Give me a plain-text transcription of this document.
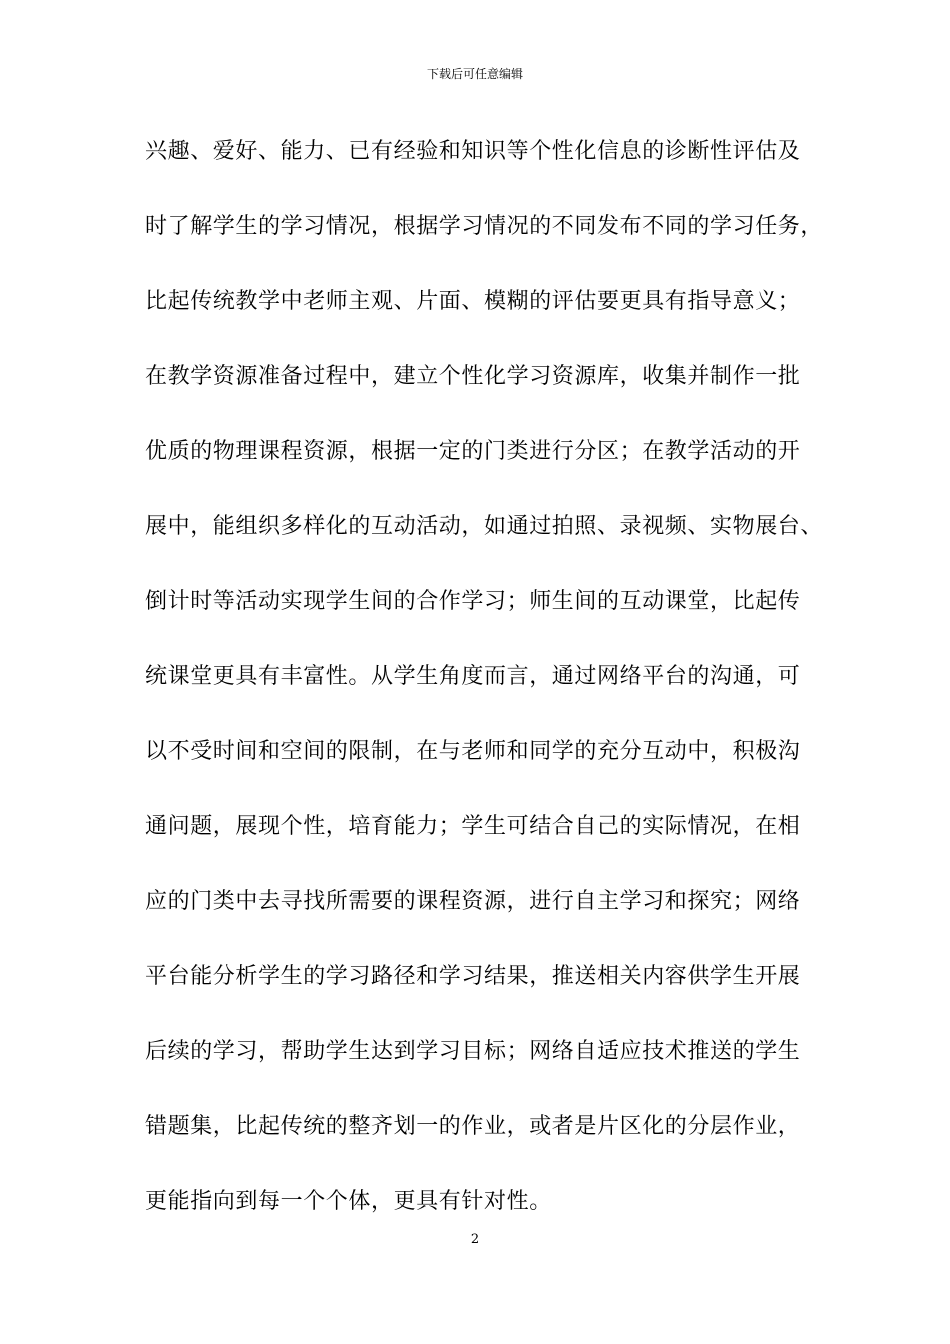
下载后可任意编辑
兴趣、爱好、能力、已有经验和知识等个性化信息的诊断性评估及
时了解学生的学习情况，根据学习情况的不同发布不同的学习任务，
比起传统教学中老师主观、片面、模糊的评估要更具有指导意义；
在教学资源准备过程中，建立个性化学习资源库，收集并制作一批
优质的物理课程资源，根据一定的门类进行分区；在教学活动的开
展中，能组织多样化的互动活动，如通过拍照、录视频、实物展台、
倒计时等活动实现学生间的合作学习；师生间的互动课堂，比起传
统课堂更具有丰富性。从学生角度而言，通过网络平台的沟通，可
以不受时间和空间的限制，在与老师和同学的充分互动中，积极沟
通问题，展现个性，培育能力；学生可结合自己的实际情况，在相
应的门类中去寻找所需要的课程资源，进行自主学习和探究；网络
平台能分析学生的学习路径和学习结果，推送相关内容供学生开展
后续的学习，帮助学生达到学习目标；网络自适应技术推送的学生
错题集，比起传统的整齐划一的作业，或者是片区化的分层作业，
更能指向到每一个个体，更具有针对性。
2
